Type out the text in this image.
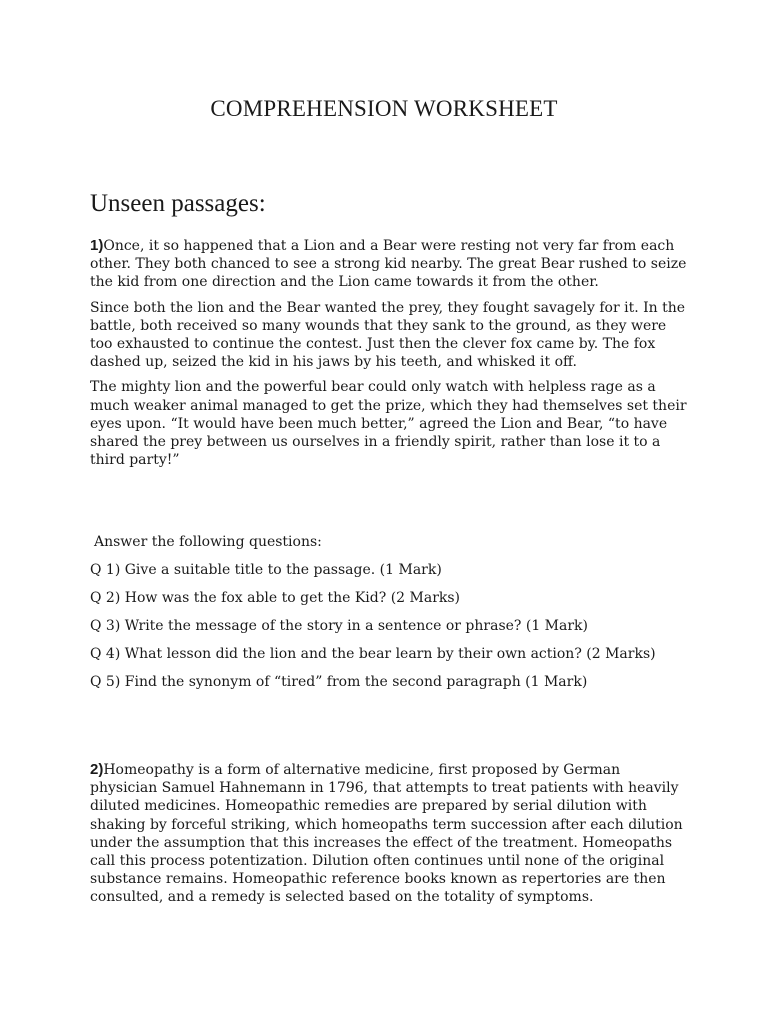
COMPREHENSION WORKSHEET
Unseen passages:

1)Once, it so happened that a Lion and a Bear were resting not very far from each other. They both chanced to see a strong kid nearby. The great Bear rushed to seize the kid from one direction and the Lion came towards it from the other.

Since both the lion and the Bear wanted the prey, they fought savagely for it. In the battle, both received so many wounds that they sank to the ground, as they were too exhausted to continue the contest. Just then the clever fox came by. The fox dashed up, seized the kid in his jaws by his teeth, and whisked it off.

The mighty lion and the powerful bear could only watch with helpless rage as a much weaker animal managed to get the prize, which they had themselves set their eyes upon. “It would have been much better,” agreed the Lion and Bear, “to have shared the prey between us ourselves in a friendly spirit, rather than lose it to a third party!”

Answer the following questions:
Q 1) Give a suitable title to the passage. (1 Mark)
Q 2) How was the fox able to get the Kid? (2 Marks)
Q 3) Write the message of the story in a sentence or phrase? (1 Mark)
Q 4) What lesson did the lion and the bear learn by their own action? (2 Marks)
Q 5) Find the synonym of “tired” from the second paragraph (1 Mark)

2)Homeopathy is a form of alternative medicine, first proposed by German physician Samuel Hahnemann in 1796, that attempts to treat patients with heavily diluted medicines. Homeopathic remedies are prepared by serial dilution with shaking by forceful striking, which homeopaths term succession after each dilution under the assumption that this increases the effect of the treatment. Homeopaths call this process potentization. Dilution often continues until none of the original substance remains. Homeopathic reference books known as repertories are then consulted, and a remedy is selected based on the totality of symptoms.
